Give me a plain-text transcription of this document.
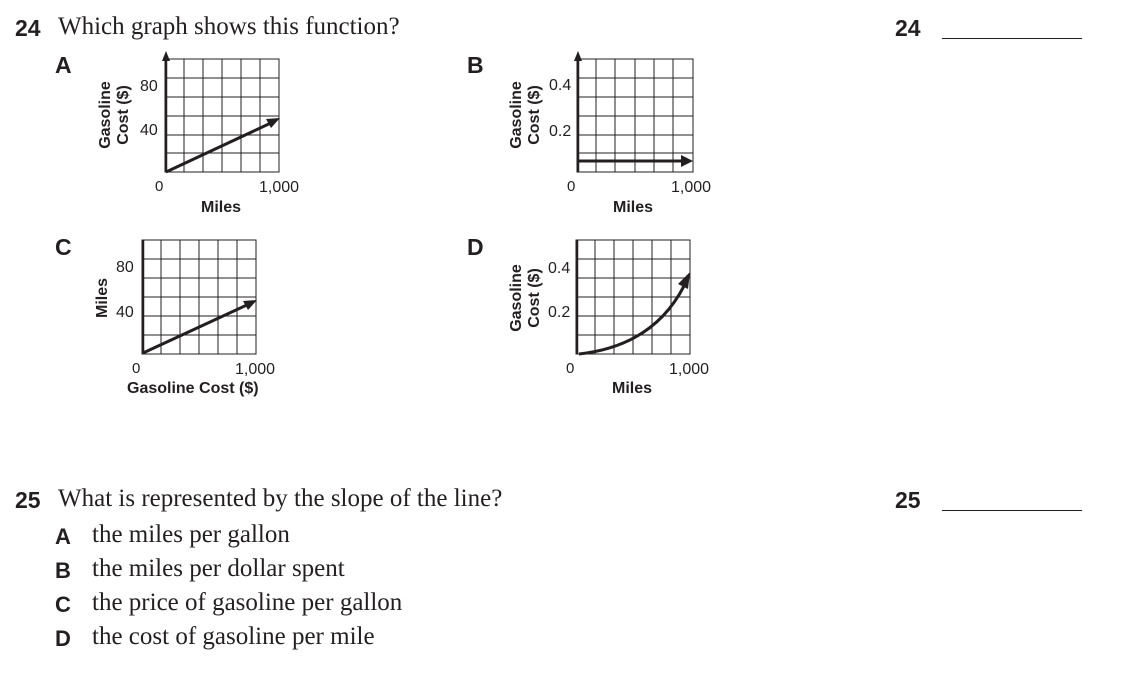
24 Which graph shows this function?	24
A
80
40
0	1,000
Miles
Gasoline Cost ($)
B
0.4
0.2
0	1,000
Miles
Gasoline Cost ($)
C
80
40
0	1,000
Gasoline Cost ($)
Miles
D
0.4
0.2
0	1,000
Miles
Gasoline Cost ($)
25 What is represented by the slope of the line?	25
A the miles per gallon
B the miles per dollar spent
C the price of gasoline per gallon
D the cost of gasoline per mile
